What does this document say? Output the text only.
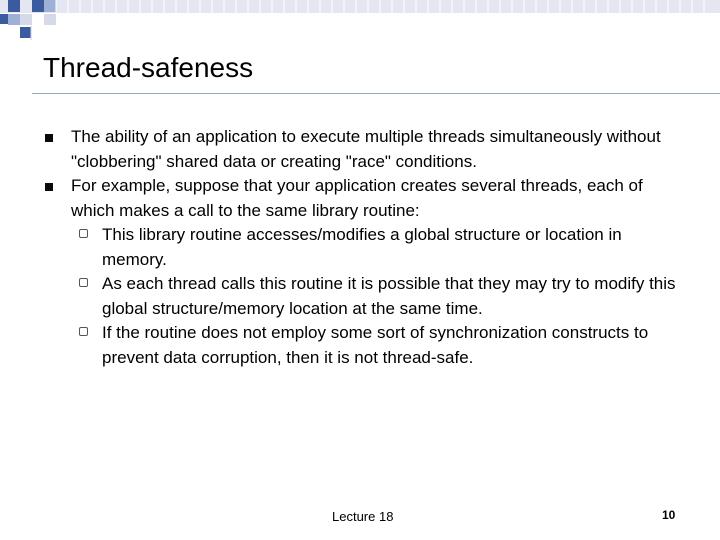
Thread-safeness

The ability of an application to execute multiple threads simultaneously without "clobbering" shared data or creating "race" conditions.

For example, suppose that your application creates several threads, each of which makes a call to the same library routine:

This library routine accesses/modifies a global structure or location in memory.

As each thread calls this routine it is possible that they may try to modify this global structure/memory location at the same time.

If the routine does not employ some sort of synchronization constructs to prevent data corruption, then it is not thread-safe.

Lecture 18	10
